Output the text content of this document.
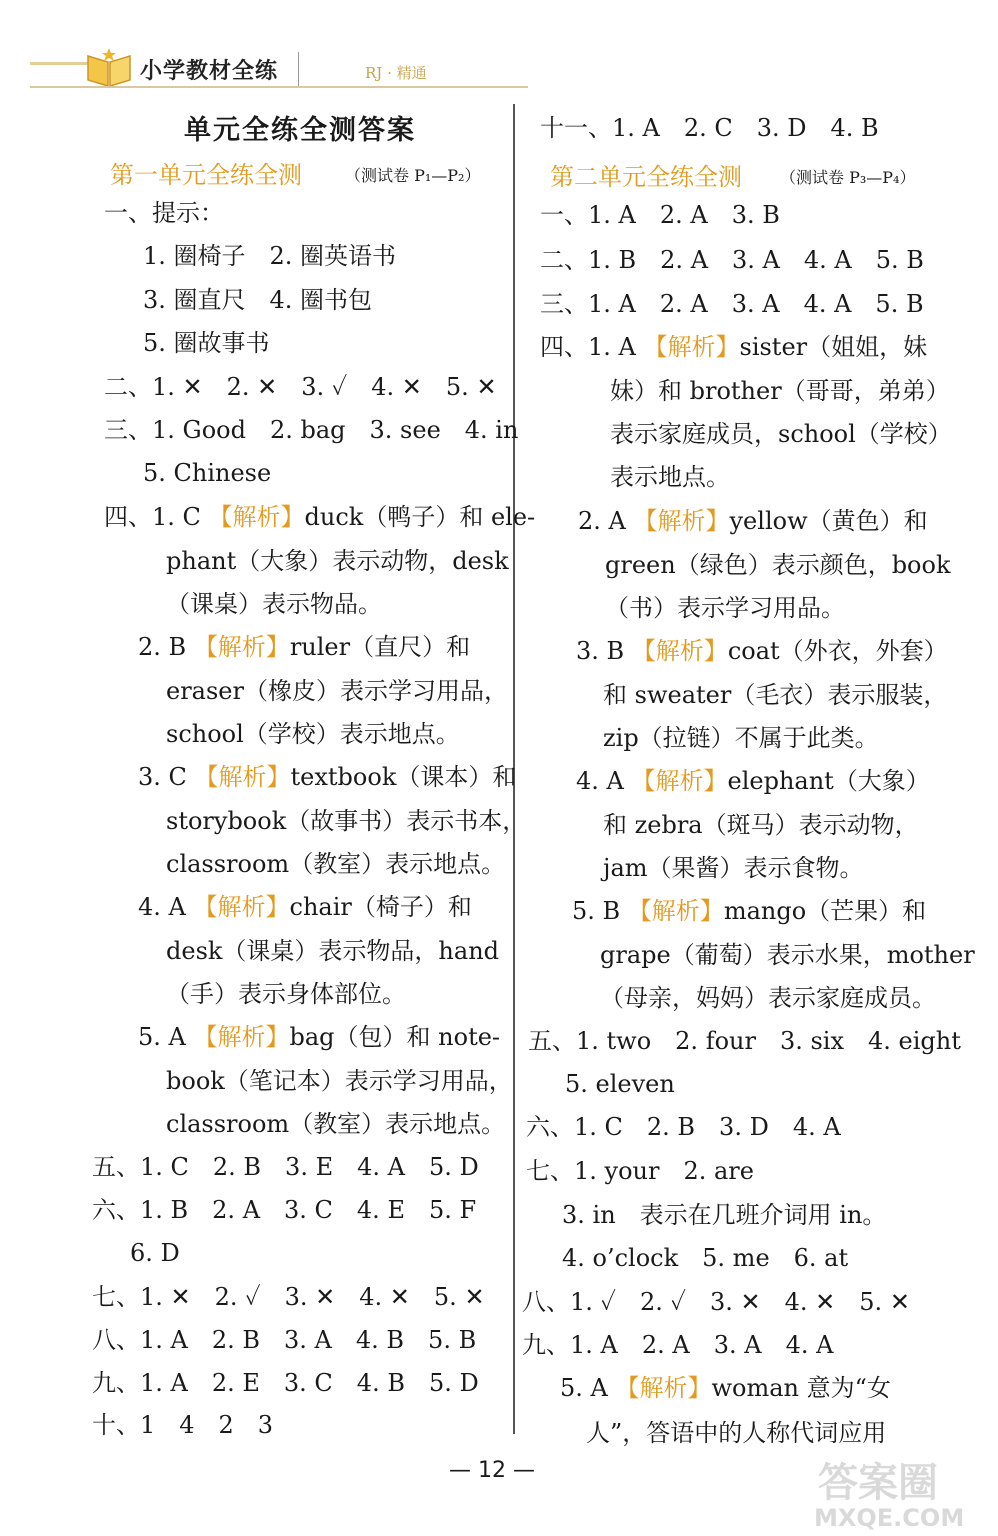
小学教材全练	RJ · 精通
单元全练全测答案
第一单元全练全测	（测试卷 P₁—P₂）
一、提示：
1. 圈椅子　2. 圈英语书
3. 圈直尺　4. 圈书包
5. 圈故事书
二、1. ✕　2. ✕　3. ✓　4. ✕　5. ✕
三、1. Good　2. bag　3. see　4. in
5. Chinese
四、1. C 【解析】duck（鸭子）和 ele-
phant（大象）表示动物，desk
（课桌）表示物品。
2. B 【解析】ruler（直尺）和
eraser（橡皮）表示学习用品，
school（学校）表示地点。
3. C 【解析】textbook（课本）和
storybook（故事书）表示书本，
classroom（教室）表示地点。
4. A 【解析】chair（椅子）和
desk（课桌）表示物品，hand
（手）表示身体部位。
5. A 【解析】bag（包）和 note-
book（笔记本）表示学习用品，
classroom（教室）表示地点。
五、1. C　2. B　3. E　4. A　5. D
六、1. B　2. A　3. C　4. E　5. F
6. D
七、1. ✕　2. ✓　3. ✕　4. ✕　5. ✕
八、1. A　2. B　3. A　4. B　5. B
九、1. A　2. E　3. C　4. B　5. D
十、1　4　2　3
十一、1. A　2. C　3. D　4. B
第二单元全练全测 （测试卷 P₃—P₄）
一、1. A　2. A　3. B
二、1. B　2. A　3. A　4. A　5. B
三、1. A　2. A　3. A　4. A　5. B
四、1. A 【解析】sister（姐姐，妹
妹）和 brother（哥哥，弟弟）
表示家庭成员，school（学校）
表示地点。
2. A 【解析】yellow（黄色）和
green（绿色）表示颜色，book
（书）表示学习用品。
3. B 【解析】coat（外衣，外套）
和 sweater（毛衣）表示服装，
zip（拉链）不属于此类。
4. A 【解析】elephant（大象）
和 zebra（斑马）表示动物，
jam（果酱）表示食物。
5. B 【解析】mango（芒果）和
grape（葡萄）表示水果，mother
（母亲，妈妈）表示家庭成员。
五、1. two　2. four　3. six　4. eight
5. eleven
六、1. C　2. B　3. D　4. A
七、1. your　2. are
3. in　表示在几班介词用 in。
4. o’clock　5. me　6. at
八、1. ✓　2. ✓　3. ✕　4. ✕　5. ✕
九、1. A　2. A　3. A　4. A
5. A 【解析】woman 意为“女
人”，答语中的人称代词应用
— 12 —	答案圈
MXQE.COM
